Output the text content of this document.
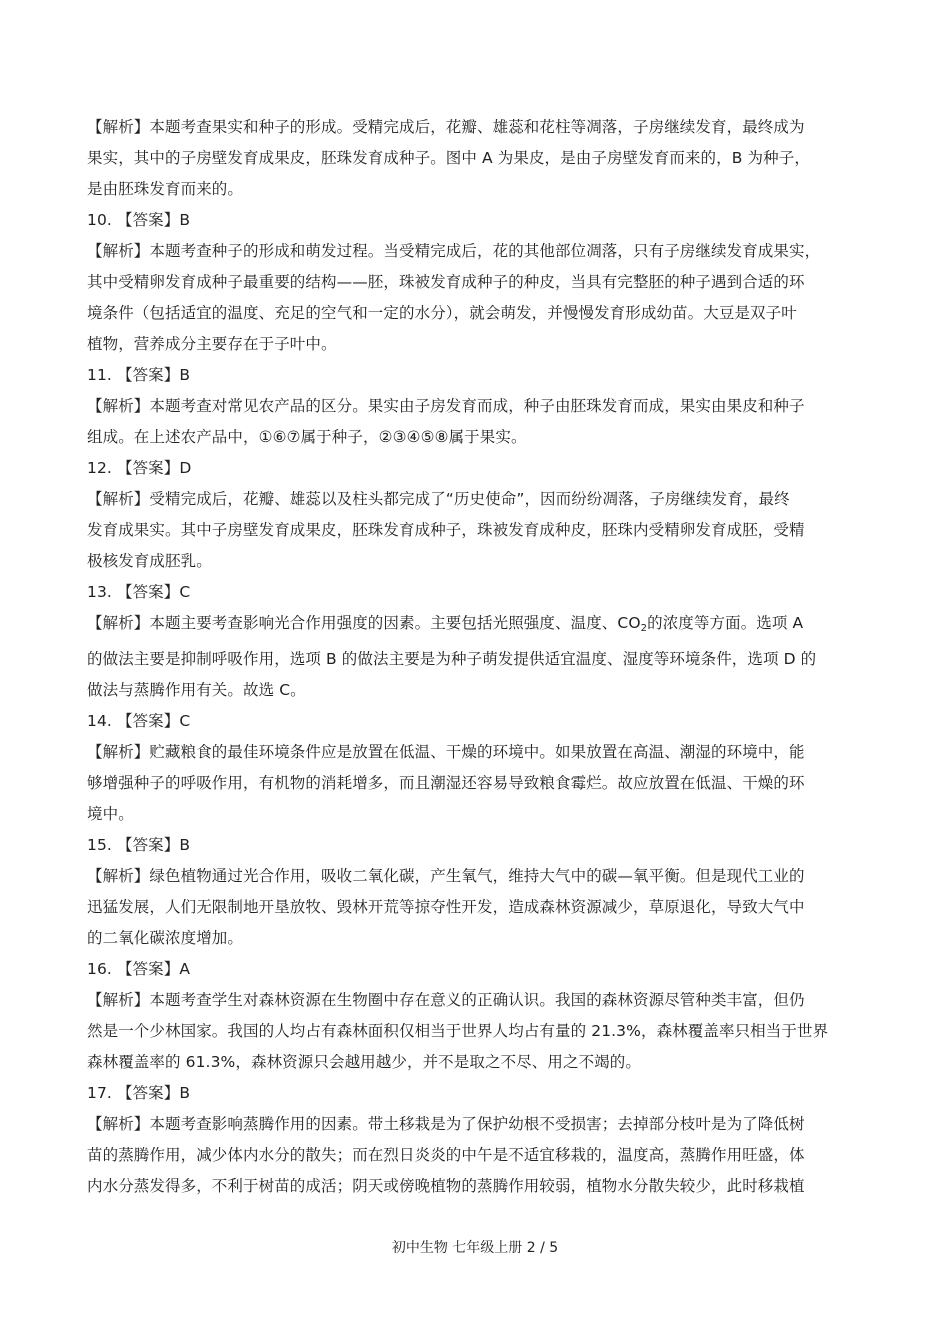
【解析】本题考查果实和种子的形成。受精完成后，花瓣、雄蕊和花柱等凋落，子房继续发育，最终成为
果实，其中的子房壁发育成果皮，胚珠发育成种子。图中 A 为果皮，是由子房壁发育而来的，B 为种子，
是由胚珠发育而来的。
10. 【答案】B
【解析】本题考查种子的形成和萌发过程。当受精完成后，花的其他部位凋落，只有子房继续发育成果实，
其中受精卵发育成种子最重要的结构——胚，珠被发育成种子的种皮，当具有完整胚的种子遇到合适的环
境条件（包括适宜的温度、充足的空气和一定的水分），就会萌发，并慢慢发育形成幼苗。大豆是双子叶
植物，营养成分主要存在于子叶中。
11. 【答案】B
【解析】本题考查对常见农产品的区分。果实由子房发育而成，种子由胚珠发育而成，果实由果皮和种子
组成。在上述农产品中，①⑥⑦属于种子，②③④⑤⑧属于果实。
12. 【答案】D
【解析】受精完成后，花瓣、雄蕊以及柱头都完成了“历史使命”，因而纷纷凋落，子房继续发育，最终
发育成果实。其中子房壁发育成果皮，胚珠发育成种子，珠被发育成种皮，胚珠内受精卵发育成胚，受精
极核发育成胚乳。
13. 【答案】C
【解析】本题主要考查影响光合作用强度的因素。主要包括光照强度、温度、$CO_2$的浓度等方面。选项 A
的做法主要是抑制呼吸作用，选项 B 的做法主要是为种子萌发提供适宜温度、湿度等环境条件，选项 D 的
做法与蒸腾作用有关。故选 C。
14. 【答案】C
【解析】贮藏粮食的最佳环境条件应是放置在低温、干燥的环境中。如果放置在高温、潮湿的环境中，能
够增强种子的呼吸作用，有机物的消耗增多，而且潮湿还容易导致粮食霉烂。故应放置在低温、干燥的环
境中。
15. 【答案】B
【解析】绿色植物通过光合作用，吸收二氧化碳，产生氧气，维持大气中的碳—氧平衡。但是现代工业的
迅猛发展，人们无限制地开垦放牧、毁林开荒等掠夺性开发，造成森林资源减少，草原退化，导致大气中
的二氧化碳浓度增加。
16. 【答案】A
【解析】本题考查学生对森林资源在生物圈中存在意义的正确认识。我国的森林资源尽管种类丰富，但仍
然是一个少林国家。我国的人均占有森林面积仅相当于世界人均占有量的 21.3%，森林覆盖率只相当于世界
森林覆盖率的 61.3%，森林资源只会越用越少，并不是取之不尽、用之不竭的。
17. 【答案】B
【解析】本题考查影响蒸腾作用的因素。带土移栽是为了保护幼根不受损害；去掉部分枝叶是为了降低树
苗的蒸腾作用，减少体内水分的散失；而在烈日炎炎的中午是不适宜移栽的，温度高，蒸腾作用旺盛，体
内水分蒸发得多，不利于树苗的成活；阴天或傍晚植物的蒸腾作用较弱，植物水分散失较少，此时移栽植
初中生物 七年级上册 2 / 5
